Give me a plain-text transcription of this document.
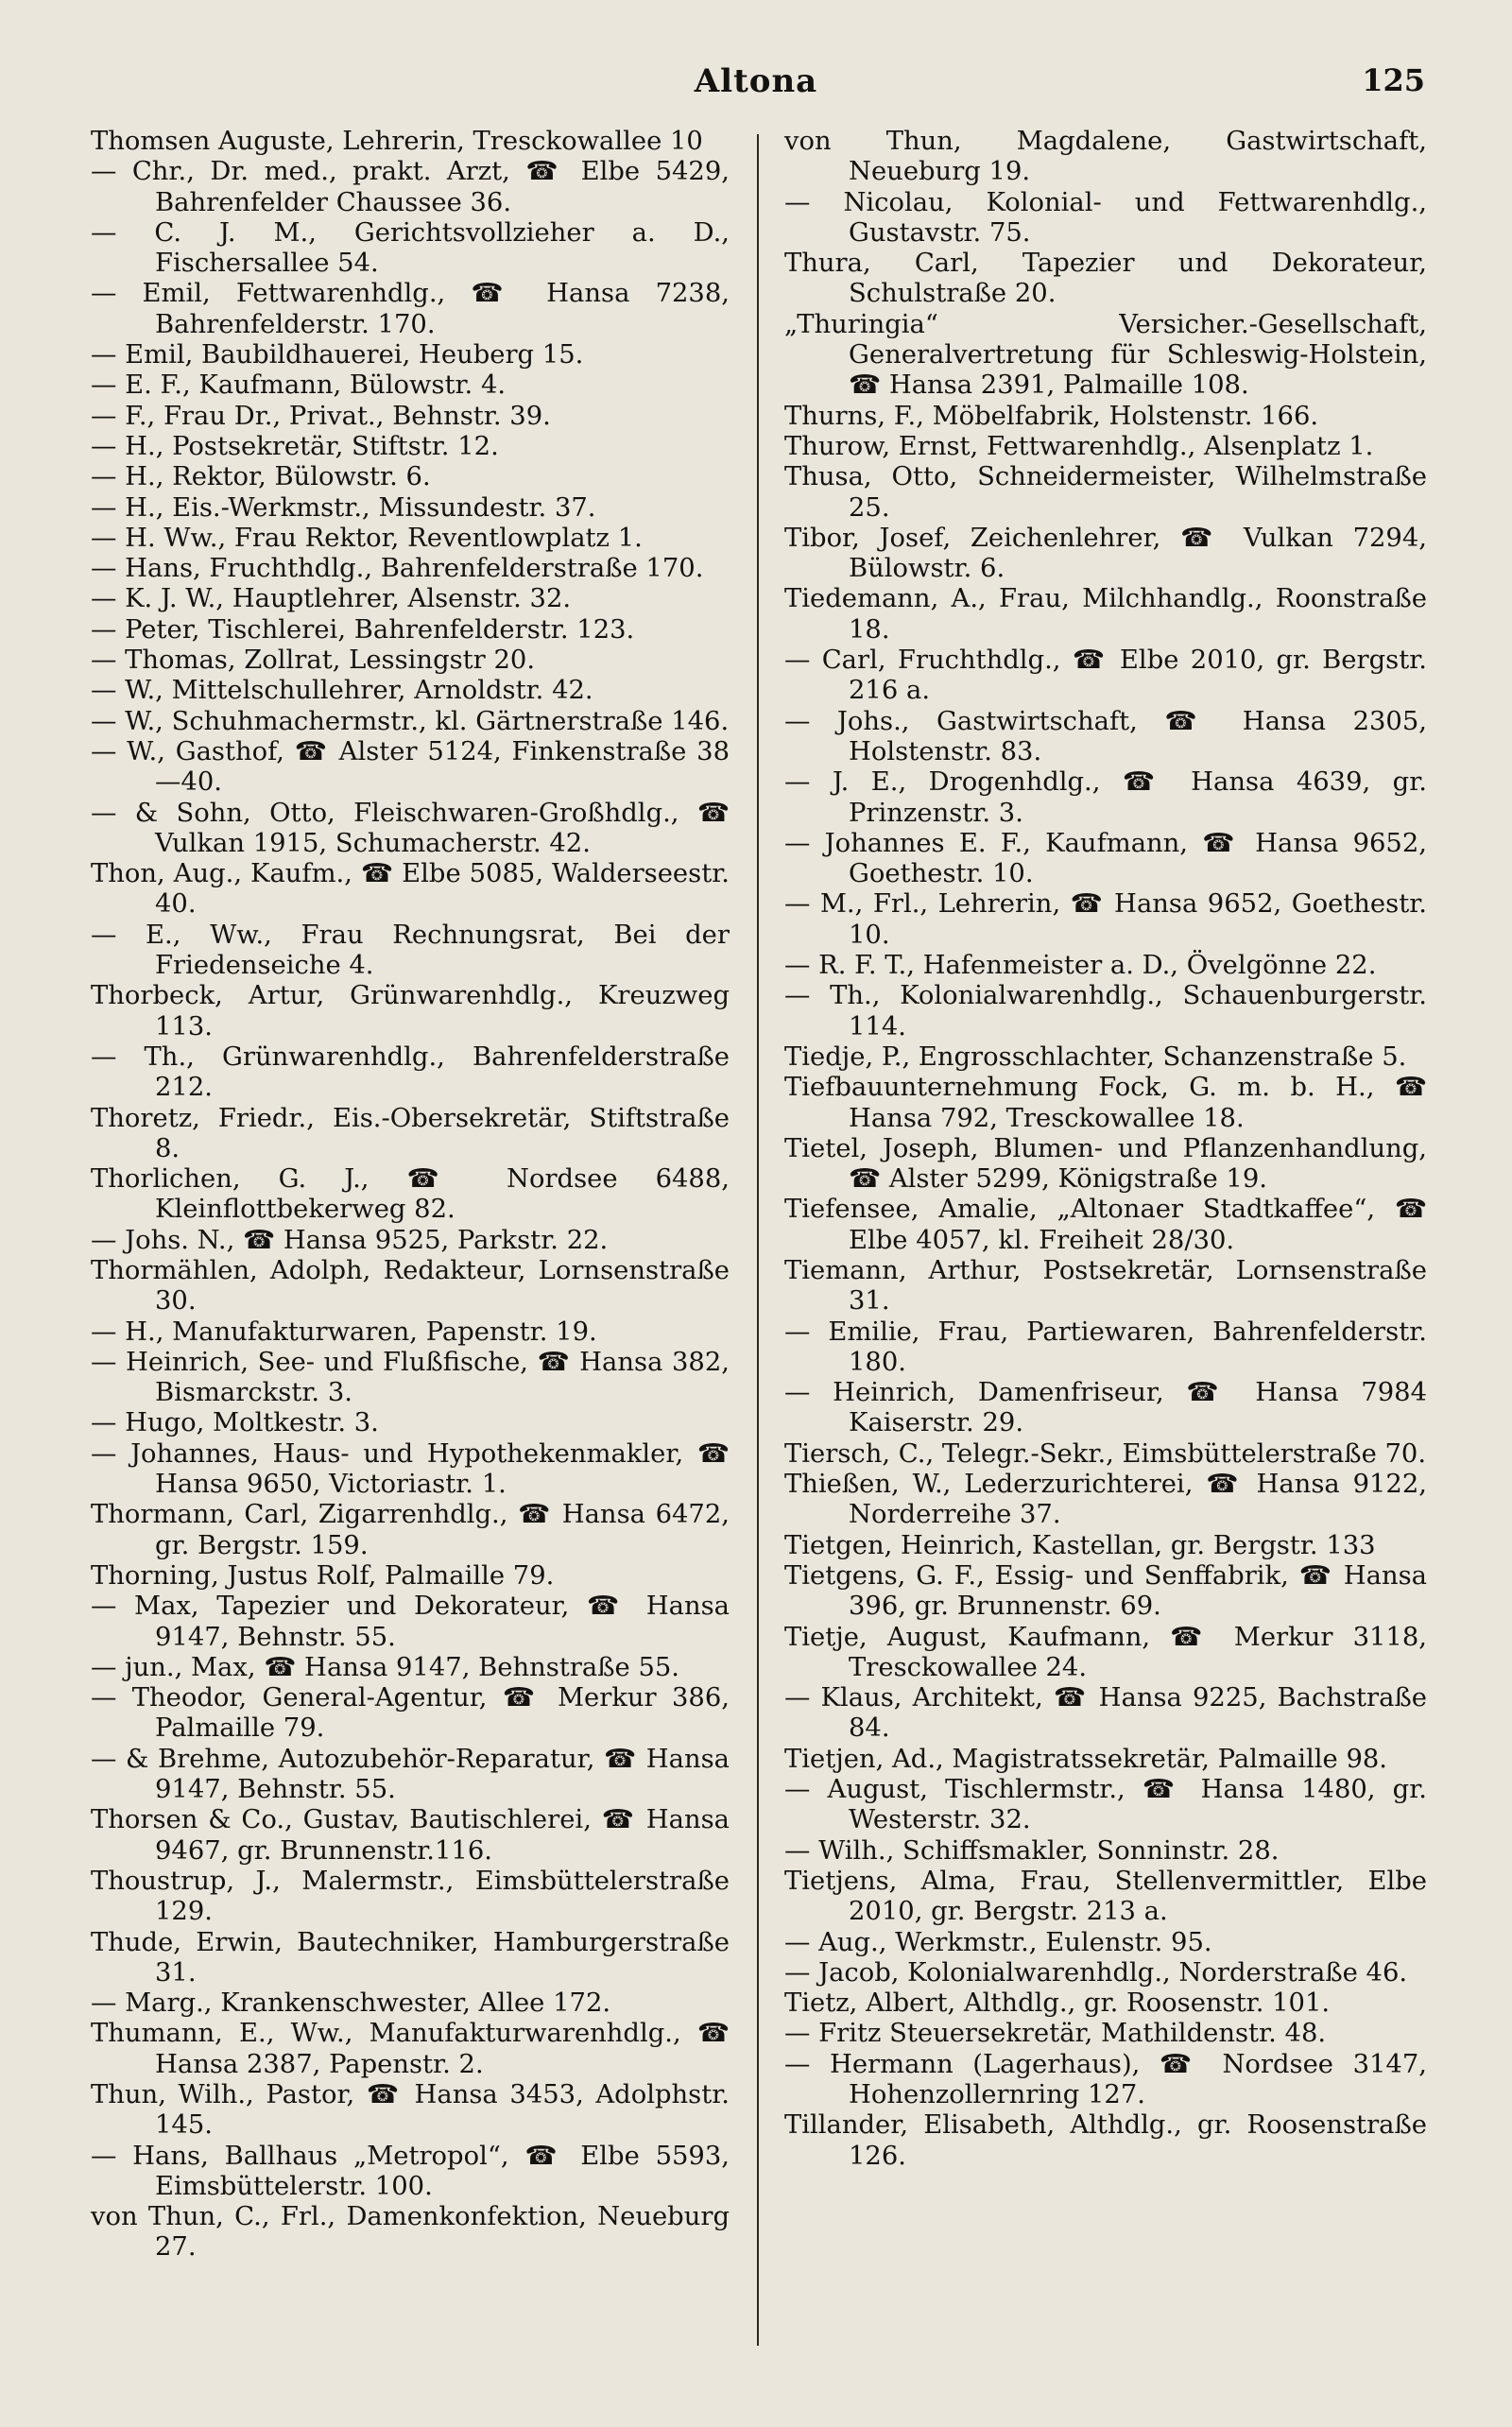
Altona	125
Thomsen Auguste, Lehrerin, Tresckowallee 10
— Chr., Dr. med., prakt. Arzt, ☎ Elbe 5429, Bahrenfelder Chaussee 36.
— C. J. M., Gerichtsvollzieher a. D., Fischersallee 54.
— Emil, Fettwarenhdlg., ☎ Hansa 7238, Bahrenfelderstr. 170.
— Emil, Baubildhauerei, Heuberg 15.
— E. F., Kaufmann, Bülowstr. 4.
— F., Frau Dr., Privat., Behnstr. 39.
— H., Postsekretär, Stiftstr. 12.
— H., Rektor, Bülowstr. 6.
— H., Eis.-Werkmstr., Missundestr. 37.
— H. Ww., Frau Rektor, Reventlowplatz 1.
— Hans, Fruchthdlg., Bahrenfelderstraße 170.
— K. J. W., Hauptlehrer, Alsenstr. 32.
— Peter, Tischlerei, Bahrenfelderstr. 123.
— Thomas, Zollrat, Lessingstr 20.
— W., Mittelschullehrer, Arnoldstr. 42.
— W., Schuhmachermstr., kl. Gärtnerstraße 146.
— W., Gasthof, ☎ Alster 5124, Finkenstraße 38—40.
— & Sohn, Otto, Fleischwaren-Großhdlg., ☎ Vulkan 1915, Schumacherstr. 42.
Thon, Aug., Kaufm., ☎ Elbe 5085, Walderseestr. 40.
— E., Ww., Frau Rechnungsrat, Bei der Friedenseiche 4.
Thorbeck, Artur, Grünwarenhdlg., Kreuzweg 113.
— Th., Grünwarenhdlg., Bahrenfelderstraße 212.
Thoretz, Friedr., Eis.-Obersekretär, Stiftstraße 8.
Thorlichen, G. J., ☎ Nordsee 6488, Kleinflottbekerweg 82.
— Johs. N., ☎ Hansa 9525, Parkstr. 22.
Thormählen, Adolph, Redakteur, Lornsenstraße 30.
— H., Manufakturwaren, Papenstr. 19.
— Heinrich, See- und Flußfische, ☎ Hansa 382, Bismarckstr. 3.
— Hugo, Moltkestr. 3.
— Johannes, Haus- und Hypothekenmakler, ☎ Hansa 9650, Victoriastr. 1.
Thormann, Carl, Zigarrenhdlg., ☎ Hansa 6472, gr. Bergstr. 159.
Thorning, Justus Rolf, Palmaille 79.
— Max, Tapezier und Dekorateur, ☎ Hansa 9147, Behnstr. 55.
— jun., Max, ☎ Hansa 9147, Behnstraße 55.
— Theodor, General-Agentur, ☎ Merkur 386, Palmaille 79.
— & Brehme, Autozubehör-Reparatur, ☎ Hansa 9147, Behnstr. 55.
Thorsen & Co., Gustav, Bautischlerei, ☎ Hansa 9467, gr. Brunnenstr.116.
Thoustrup, J., Malermstr., Eimsbüttelerstraße 129.
Thude, Erwin, Bautechniker, Hamburgerstraße 31.
— Marg., Krankenschwester, Allee 172.
Thumann, E., Ww., Manufakturwarenhdlg., ☎ Hansa 2387, Papenstr. 2.
Thun, Wilh., Pastor, ☎ Hansa 3453, Adolphstr. 145.
— Hans, Ballhaus „Metropol“, ☎ Elbe 5593, Eimsbüttelerstr. 100.
von Thun, C., Frl., Damenkonfektion, Neueburg 27.
von Thun, Magdalene, Gastwirtschaft, Neueburg 19.
— Nicolau, Kolonial- und Fettwarenhdlg., Gustavstr. 75.
Thura, Carl, Tapezier und Dekorateur, Schulstraße 20.
„Thuringia“ Versicher.-Gesellschaft, Generalvertretung für Schleswig-Holstein, ☎ Hansa 2391, Palmaille 108.
Thurns, F., Möbelfabrik, Holstenstr. 166.
Thurow, Ernst, Fettwarenhdlg., Alsenplatz 1.
Thusa, Otto, Schneidermeister, Wilhelmstraße 25.
Tibor, Josef, Zeichenlehrer, ☎ Vulkan 7294, Bülowstr. 6.
Tiedemann, A., Frau, Milchhandlg., Roonstraße 18.
— Carl, Fruchthdlg., ☎ Elbe 2010, gr. Bergstr. 216 a.
— Johs., Gastwirtschaft, ☎ Hansa 2305, Holstenstr. 83.
— J. E., Drogenhdlg., ☎ Hansa 4639, gr. Prinzenstr. 3.
— Johannes E. F., Kaufmann, ☎ Hansa 9652, Goethestr. 10.
— M., Frl., Lehrerin, ☎ Hansa 9652, Goethestr. 10.
— R. F. T., Hafenmeister a. D., Övelgönne 22.
— Th., Kolonialwarenhdlg., Schauenburgerstr. 114.
Tiedje, P., Engrosschlachter, Schanzenstraße 5.
Tiefbauunternehmung Fock, G. m. b. H., ☎ Hansa 792, Tresckowallee 18.
Tietel, Joseph, Blumen- und Pflanzenhandlung, ☎ Alster 5299, Königstraße 19.
Tiefensee, Amalie, „Altonaer Stadtkaffee“, ☎ Elbe 4057, kl. Freiheit 28/30.
Tiemann, Arthur, Postsekretär, Lornsenstraße 31.
— Emilie, Frau, Partiewaren, Bahrenfelderstr. 180.
— Heinrich, Damenfriseur, ☎ Hansa 7984 Kaiserstr. 29.
Tiersch, C., Telegr.-Sekr., Eimsbüttelerstraße 70.
Thießen, W., Lederzurichterei, ☎ Hansa 9122, Norderreihe 37.
Tietgen, Heinrich, Kastellan, gr. Bergstr. 133
Tietgens, G. F., Essig- und Senffabrik, ☎ Hansa 396, gr. Brunnenstr. 69.
Tietje, August, Kaufmann, ☎ Merkur 3118, Tresckowallee 24.
— Klaus, Architekt, ☎ Hansa 9225, Bachstraße 84.
Tietjen, Ad., Magistratssekretär, Palmaille 98.
— August, Tischlermstr., ☎ Hansa 1480, gr. Westerstr. 32.
— Wilh., Schiffsmakler, Sonninstr. 28.
Tietjens, Alma, Frau, Stellenvermittler, Elbe 2010, gr. Bergstr. 213 a.
— Aug., Werkmstr., Eulenstr. 95.
— Jacob, Kolonialwarenhdlg., Norderstraße 46.
Tietz, Albert, Althdlg., gr. Roosenstr. 101.
— Fritz Steuersekretär, Mathildenstr. 48.
— Hermann (Lagerhaus), ☎ Nordsee 3147, Hohenzollernring 127.
Tillander, Elisabeth, Althdlg., gr. Roosenstraße 126.
